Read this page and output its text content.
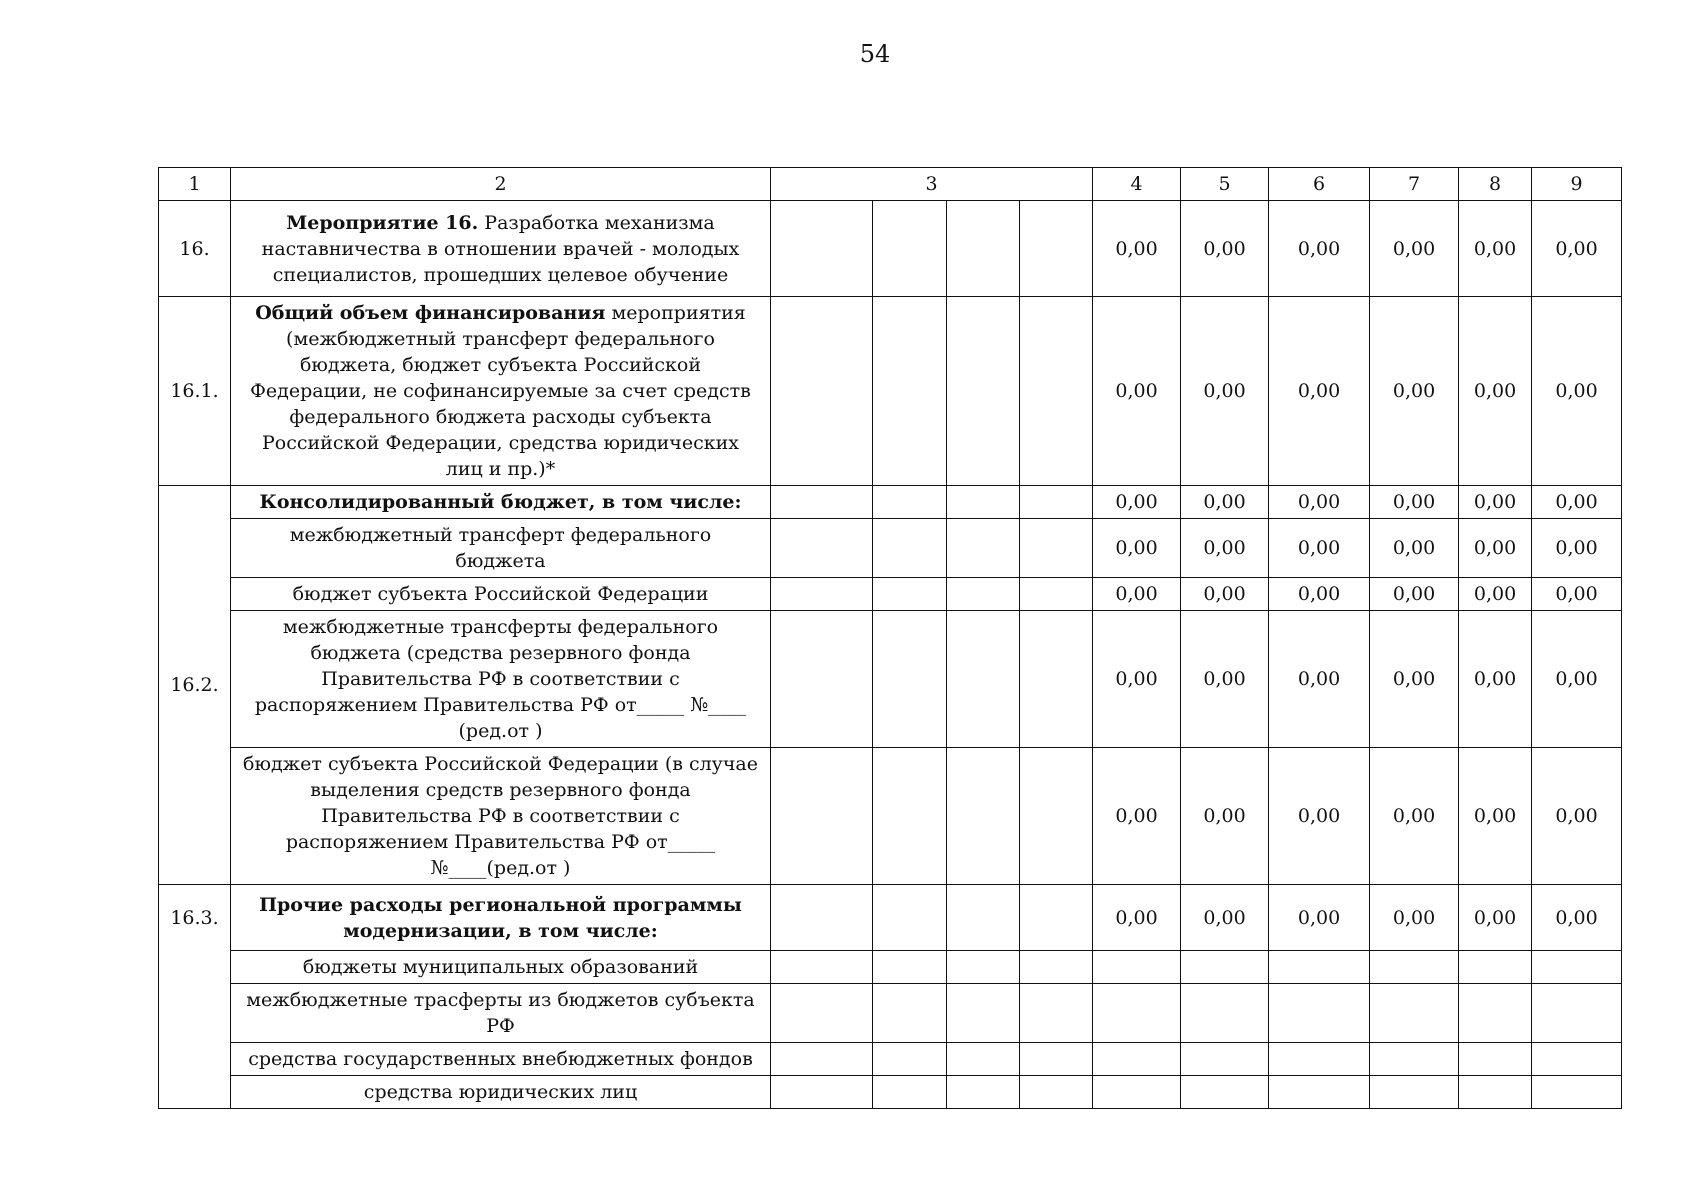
54
1	2	3				4	5	6	7	8	9
16.	Мероприятие 16. Разработка механизма наставничества в отношении врачей - молодых специалистов, прошедших целевое обучение					0,00	0,00	0,00	0,00	0,00	0,00
16.1.	Общий объем финансирования мероприятия (межбюджетный трансферт федерального бюджета, бюджет субъекта Российской Федерации, не софинансируемые за счет средств федерального бюджета расходы субъекта Российской Федерации, средства юридических лиц и пр.)*					0,00	0,00	0,00	0,00	0,00	0,00
16.2.	Консолидированный бюджет, в том числе:					0,00	0,00	0,00	0,00	0,00	0,00
	межбюджетный трансферт федерального бюджета					0,00	0,00	0,00	0,00	0,00	0,00
	бюджет субъекта Российской Федерации					0,00	0,00	0,00	0,00	0,00	0,00
	межбюджетные трансферты федерального бюджета (средства резервного фонда Правительства РФ в соответствии с распоряжением Правительства РФ от_____ №____ (ред.от )					0,00	0,00	0,00	0,00	0,00	0,00
	бюджет субъекта Российской Федерации (в случае выделения средств резервного фонда Правительства РФ в соответствии с распоряжением Правительства РФ от_____ №____(ред.от )					0,00	0,00	0,00	0,00	0,00	0,00
16.3.	Прочие расходы региональной программы модернизации, в том числе:					0,00	0,00	0,00	0,00	0,00	0,00
	бюджеты муниципальных образований										
	межбюджетные трасферты из бюджетов субъекта РФ										
	средства государственных внебюджетных фондов										
	средства юридических лиц										
